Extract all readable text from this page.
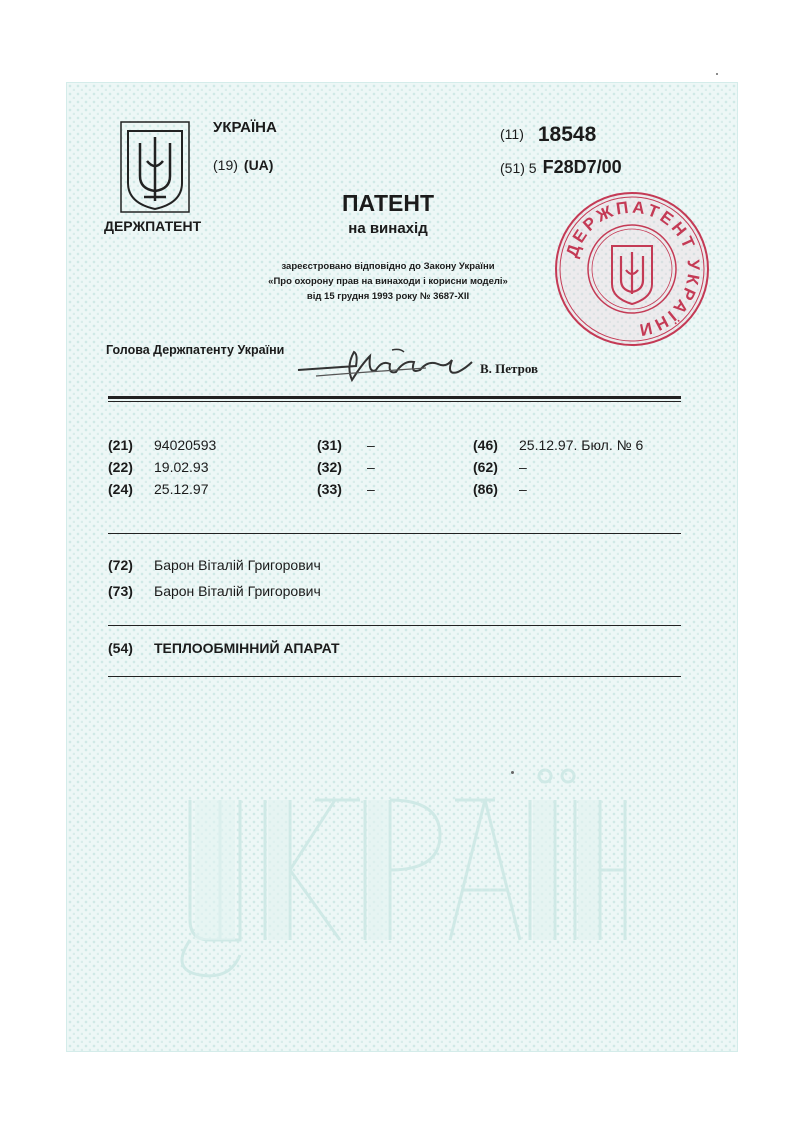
УКРАЇНА
(19) (UA)
ДЕРЖПАТЕНТ
(11) 18548
(51) 5 F28D7/00
ПАТЕНТ
на винахід
зареєстровано відповідно до Закону України
«Про охорону прав на винаходи і корисни моделі»
від 15 грудня 1993 року № 3687-XII
ДЕРЖПАТЕНТ УКРАЇНИ
Голова Держпатенту України
В. Петров
(21) 94020593
(22) 19.02.93
(24) 25.12.97
(31) –
(32) –
(33) –
(46) 25.12.97. Бюл. № 6
(62) –
(86) –
(72) Барон Віталій Григорович
(73) Барон Віталій Григорович
(54) ТЕПЛООБМІННИЙ АПАРАТ
